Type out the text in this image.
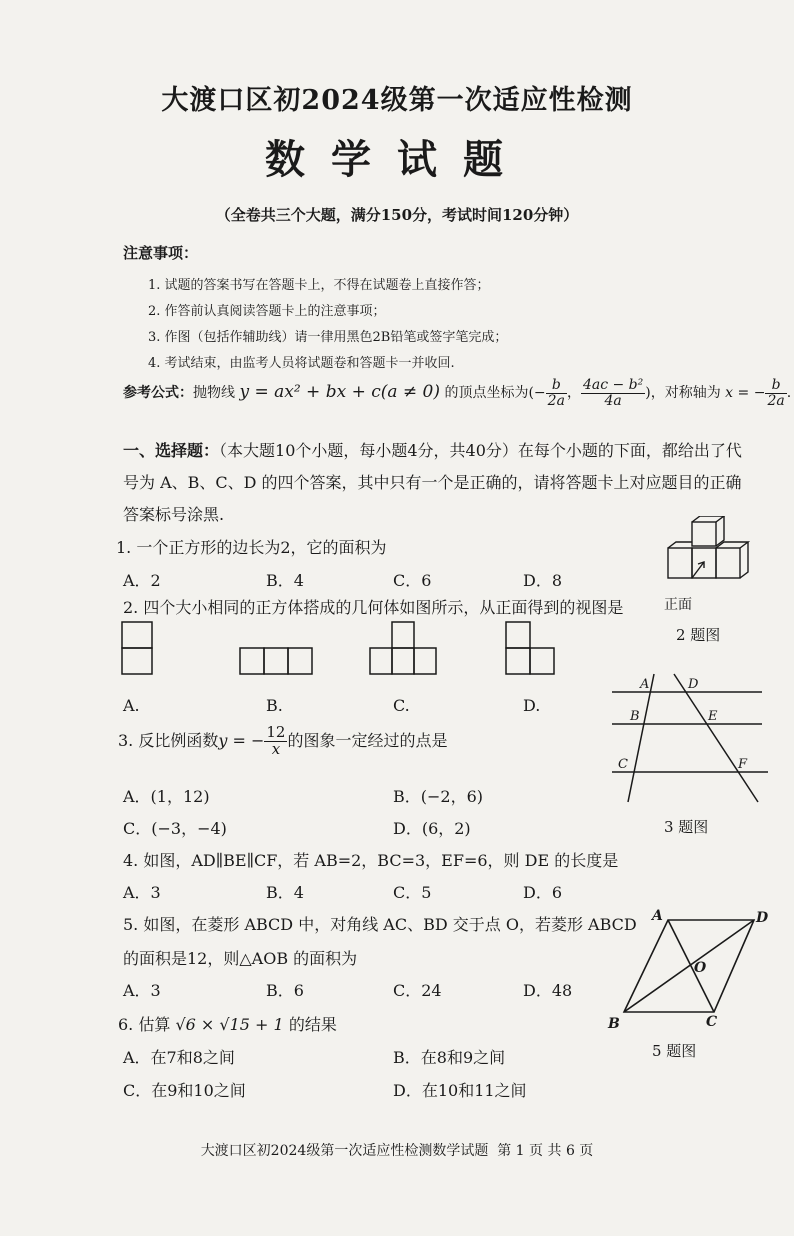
大渡口区初2024级第一次适应性检测
数学试题
（全卷共三个大题，满分150分，考试时间120分钟）
注意事项：
1. 试题的答案书写在答题卡上，不得在试题卷上直接作答；
2. 作答前认真阅读答题卡上的注意事项；
3. 作图（包括作辅助线）请一律用黑色2B铅笔或签字笔完成；
4. 考试结束，由监考人员将试题卷和答题卡一并收回.
参考公式：抛物线 y = ax² + bx + c(a ≠ 0) 的顶点坐标为(− $\frac{b}{2a}$ ， $\frac{\text{4ac − b²}}{4a}$ )，对称轴为 x = − $\frac{b}{2a}$ .
一、选择题：（本大题10个小题，每小题4分，共40分）在每个小题的下面，都给出了代
号为 A、B、C、D 的四个答案，其中只有一个是正确的，请将答题卡上对应题目的正确
答案标号涂黑.
1. 一个正方形的边长为2，它的面积为
A．2	B．4	C．6	D．8
正面
2 题图
2. 四个大小相同的正方体搭成的几何体如图所示，从正面得到的视图是
A.	B.	C.	D.
A	D
B	E
C	F
3 题图
3. 反比例函数y = − $\frac{12}{x}$ 的图象一定经过的点是
A．(1，12)	B．(−2，6)
C．(−3，−4)	D．(6，2)
4. 如图，AD∥BE∥CF，若 AB=2，BC=3，EF=6，则 DE 的长度是
A．3	B．4	C．5	D．6
A	D
O
B	C
5 题图
5. 如图，在菱形 ABCD 中，对角线 AC、BD 交于点 O，若菱形 ABCD
的面积是12，则△AOB 的面积为
A．3	B．6	C．24	D．48
6. 估算 √6 × √15 + 1 的结果
A．在7和8之间	B．在8和9之间
C．在9和10之间	D．在10和11之间
大渡口区初2024级第一次适应性检测数学试题 第 1 页 共 6 页
